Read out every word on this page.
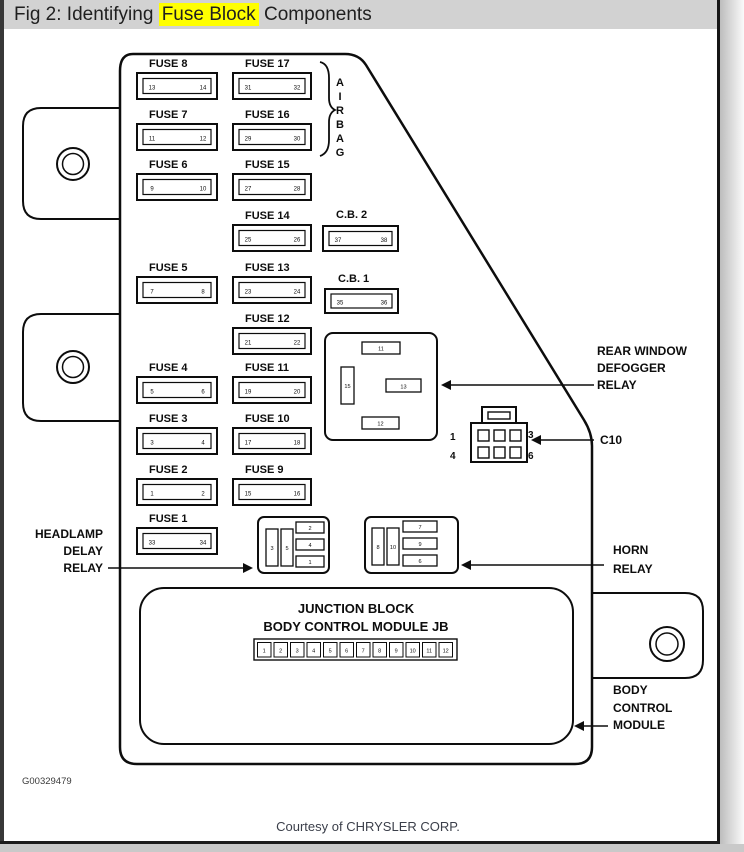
Fig 2: Identifying Fuse Block Components
FUSE 8
13	14
FUSE 17
31	32
FUSE 7
11	12
FUSE 16
29	30
FUSE 6
9	10
FUSE 15
27	28
FUSE 14
25	26
C.B. 2
37	38
FUSE 5
7	8
FUSE 13
23	24
C.B. 1
35	36
FUSE 12
21	22
FUSE 4
5	6
FUSE 11
19	20
FUSE 3
3	4
FUSE 10
17	18
FUSE 2
1	2
FUSE 9
15	16
FUSE 1
33	34
A
I
R
B
A
G
11
15	13
12
REAR WINDOW
DEFOGGER
RELAY
1	3
4	6
C10
3 5
2
4
1
HEADLAMP
DELAY
RELAY
8 10
7
9
6
HORN
RELAY
JUNCTION BLOCK
BODY CONTROL MODULE JB
1 2 3 4 5 6 7 8 9 10 11 12
BODY
CONTROL
MODULE
G00329479
Courtesy of CHRYSLER CORP.
